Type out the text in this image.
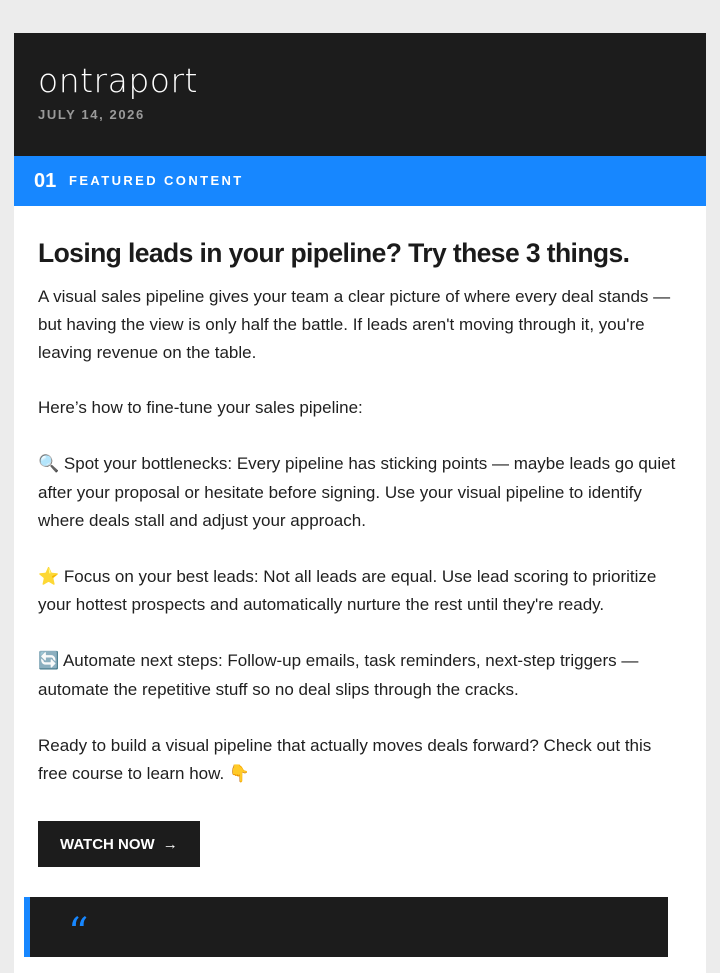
ontraport
JULY 14, 2026
01 FEATURED CONTENT
Losing leads in your pipeline? Try these 3 things.

A visual sales pipeline gives your team a clear picture of where every deal stands — but having the view is only half the battle. If leads aren't moving through it, you're leaving revenue on the table.

Here’s how to fine-tune your sales pipeline:

🔍 Spot your bottlenecks: Every pipeline has sticking points — maybe leads go quiet after your proposal or hesitate before signing. Use your visual pipeline to identify where deals stall and adjust your approach.

⭐ Focus on your best leads: Not all leads are equal. Use lead scoring to prioritize your hottest prospects and automatically nurture the rest until they're ready.

🔄 Automate next steps: Follow-up emails, task reminders, next-step triggers — automate the repetitive stuff so no deal slips through the cracks.

Ready to build a visual pipeline that actually moves deals forward? Check out this free course to learn how. 👇

WATCH NOW →
“
